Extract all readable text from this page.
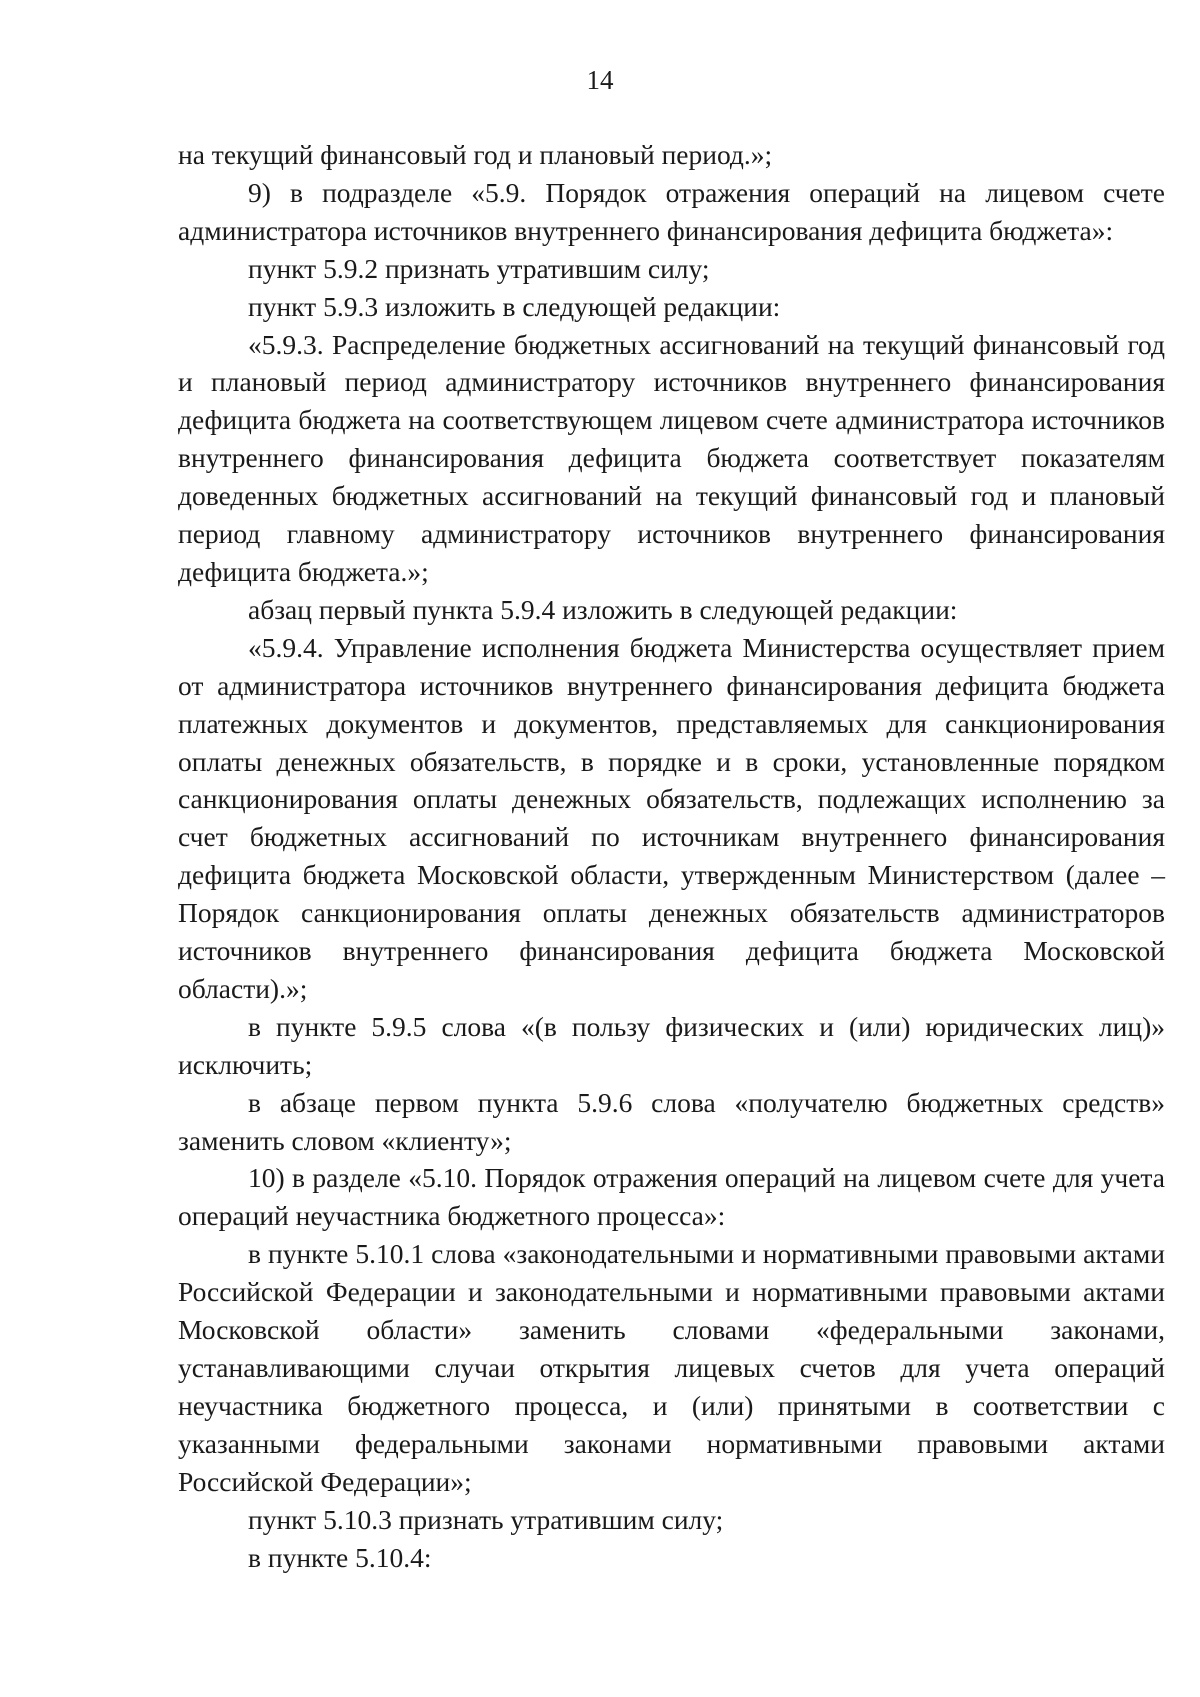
14

на текущий финансовый год и плановый период.»;

9) в подразделе «5.9. Порядок отражения операций на лицевом счете администратора источников внутреннего финансирования дефицита бюджета»:

пункт 5.9.2 признать утратившим силу;

пункт 5.9.3 изложить в следующей редакции:

«5.9.3. Распределение бюджетных ассигнований на текущий финансовый год и плановый период администратору источников внутреннего финансирования дефицита бюджета на соответствующем лицевом счете администратора источников внутреннего финансирования дефицита бюджета соответствует показателям доведенных бюджетных ассигнований на текущий финансовый год и плановый период главному администратору источников внутреннего финансирования дефицита бюджета.»;

абзац первый пункта 5.9.4 изложить в следующей редакции:

«5.9.4. Управление исполнения бюджета Министерства осуществляет прием от администратора источников внутреннего финансирования дефицита бюджета платежных документов и документов, представляемых для санкционирования оплаты денежных обязательств, в порядке и в сроки, установленные порядком санкционирования оплаты денежных обязательств, подлежащих исполнению за счет бюджетных ассигнований по источникам внутреннего финансирования дефицита бюджета Московской области, утвержденным Министерством (далее – Порядок санкционирования оплаты денежных обязательств администраторов источников внутреннего финансирования дефицита бюджета Московской области).»;

в пункте 5.9.5 слова «(в пользу физических и (или) юридических лиц)» исключить;

в абзаце первом пункта 5.9.6 слова «получателю бюджетных средств» заменить словом «клиенту»;

10) в разделе «5.10. Порядок отражения операций на лицевом счете для учета операций неучастника бюджетного процесса»:

в пункте 5.10.1 слова «законодательными и нормативными правовыми актами Российской Федерации и законодательными и нормативными правовыми актами Московской области» заменить словами «федеральными законами, устанавливающими случаи открытия лицевых счетов для учета операций неучастника бюджетного процесса, и (или) принятыми в соответствии с указанными федеральными законами нормативными правовыми актами Российской Федерации»;

пункт 5.10.3 признать утратившим силу;

в пункте 5.10.4:
